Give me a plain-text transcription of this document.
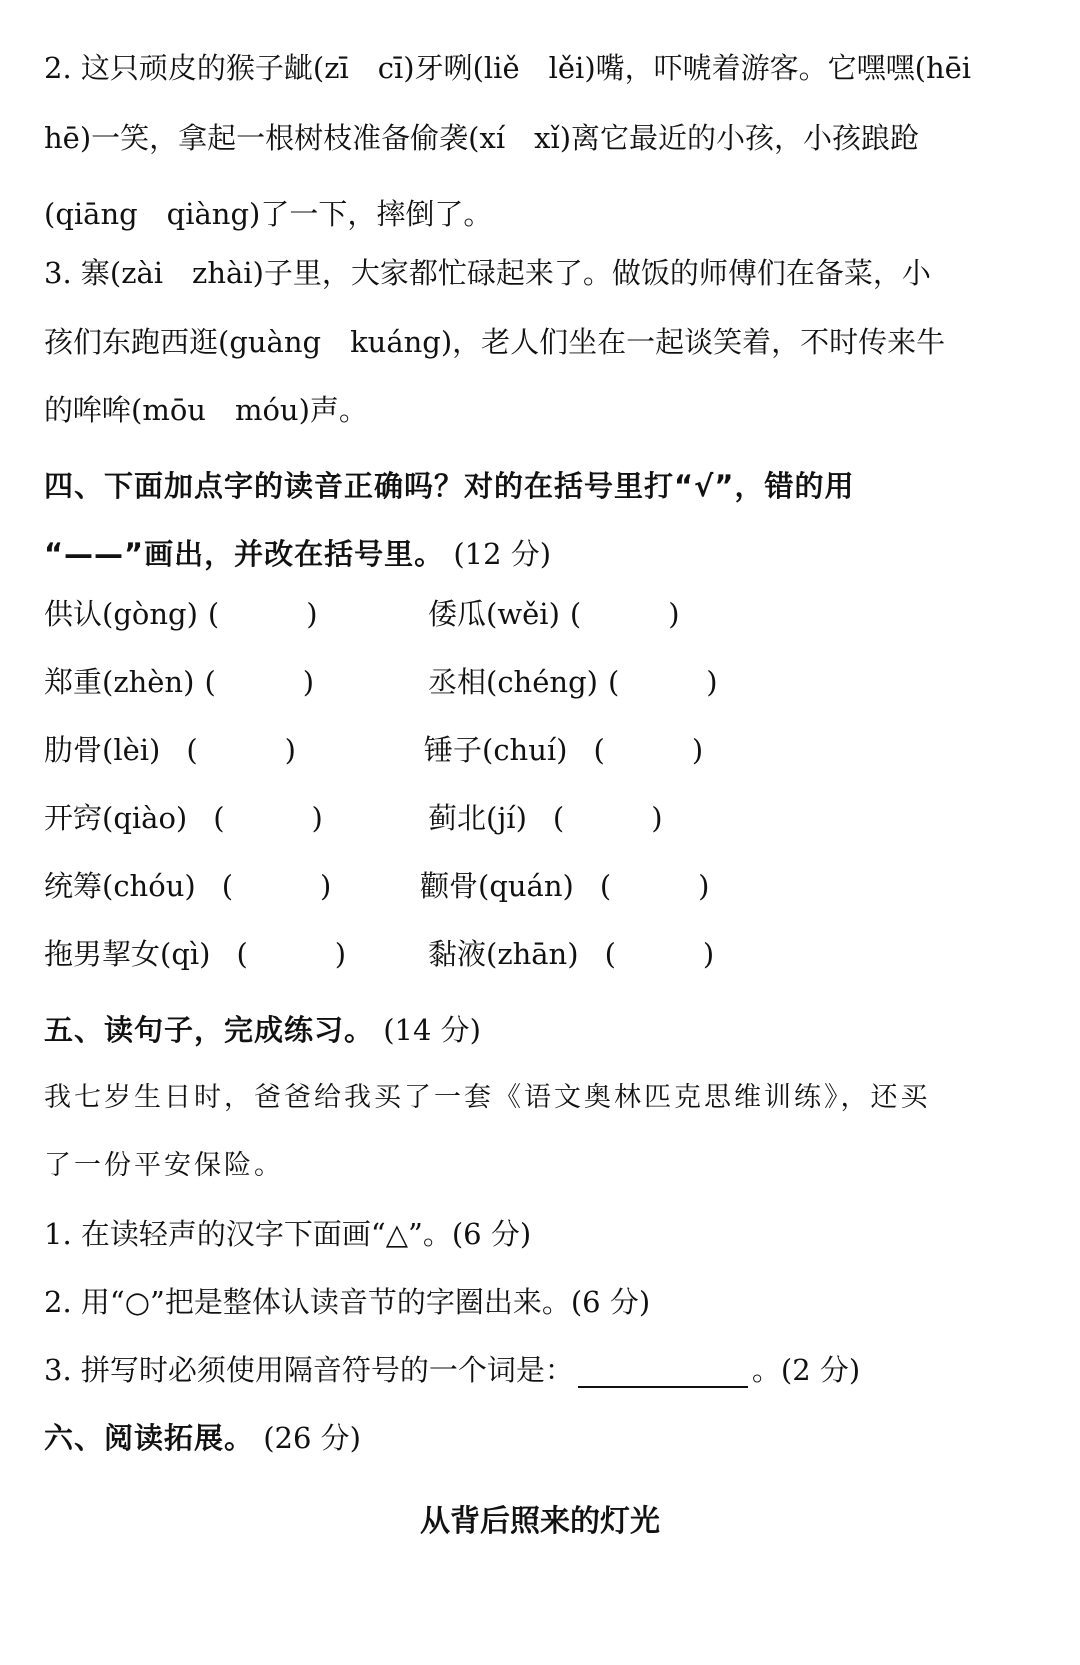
2. 这只顽皮的猴子龇(zī　cī)牙咧(liě　lěi)嘴，吓唬着游客。它嘿嘿(hēi
hē)一笑，拿起一根树枝准备偷袭(xí　xǐ)离它最近的小孩，小孩踉跄
(qiāng　qiàng)了一下，摔倒了。
3. 寨(zài　zhài)子里，大家都忙碌起来了。做饭的师傅们在备菜，小
孩们东跑西逛(guàng　kuáng)，老人们坐在一起谈笑着，不时传来牛
的哞哞(mōu　móu)声。
四、下面加点字的读音正确吗？对的在括号里打“√”，错的用
“——”画出，并改在括号里。 (12 分)
供认(gòng) (　　　)	倭瓜(wěi) (　　　)
郑重(zhèn) (　　　)	丞相(chéng) (　　　)
肋骨(lèi) (　　　)	锤子(chuí) (　　　)
开窍(qiào) (　　　)	蓟北(jí) (　　　)
统筹(chóu) (　　　)	颧骨(quán) (　　　)
拖男挈女(qì) (　　　)	黏液(zhān) (　　　)
五、读句子，完成练习。 (14 分)
我七岁生日时，爸爸给我买了一套《语文奥林匹克思维训练》，还买
了一份平安保险。
1. 在读轻声的汉字下面画“△”。(6 分)
2. 用“○”把是整体认读音节的字圈出来。(6 分)
3. 拼写时必须使用隔音符号的一个词是：	。(2 分)
六、阅读拓展。 (26 分)
从背后照来的灯光
